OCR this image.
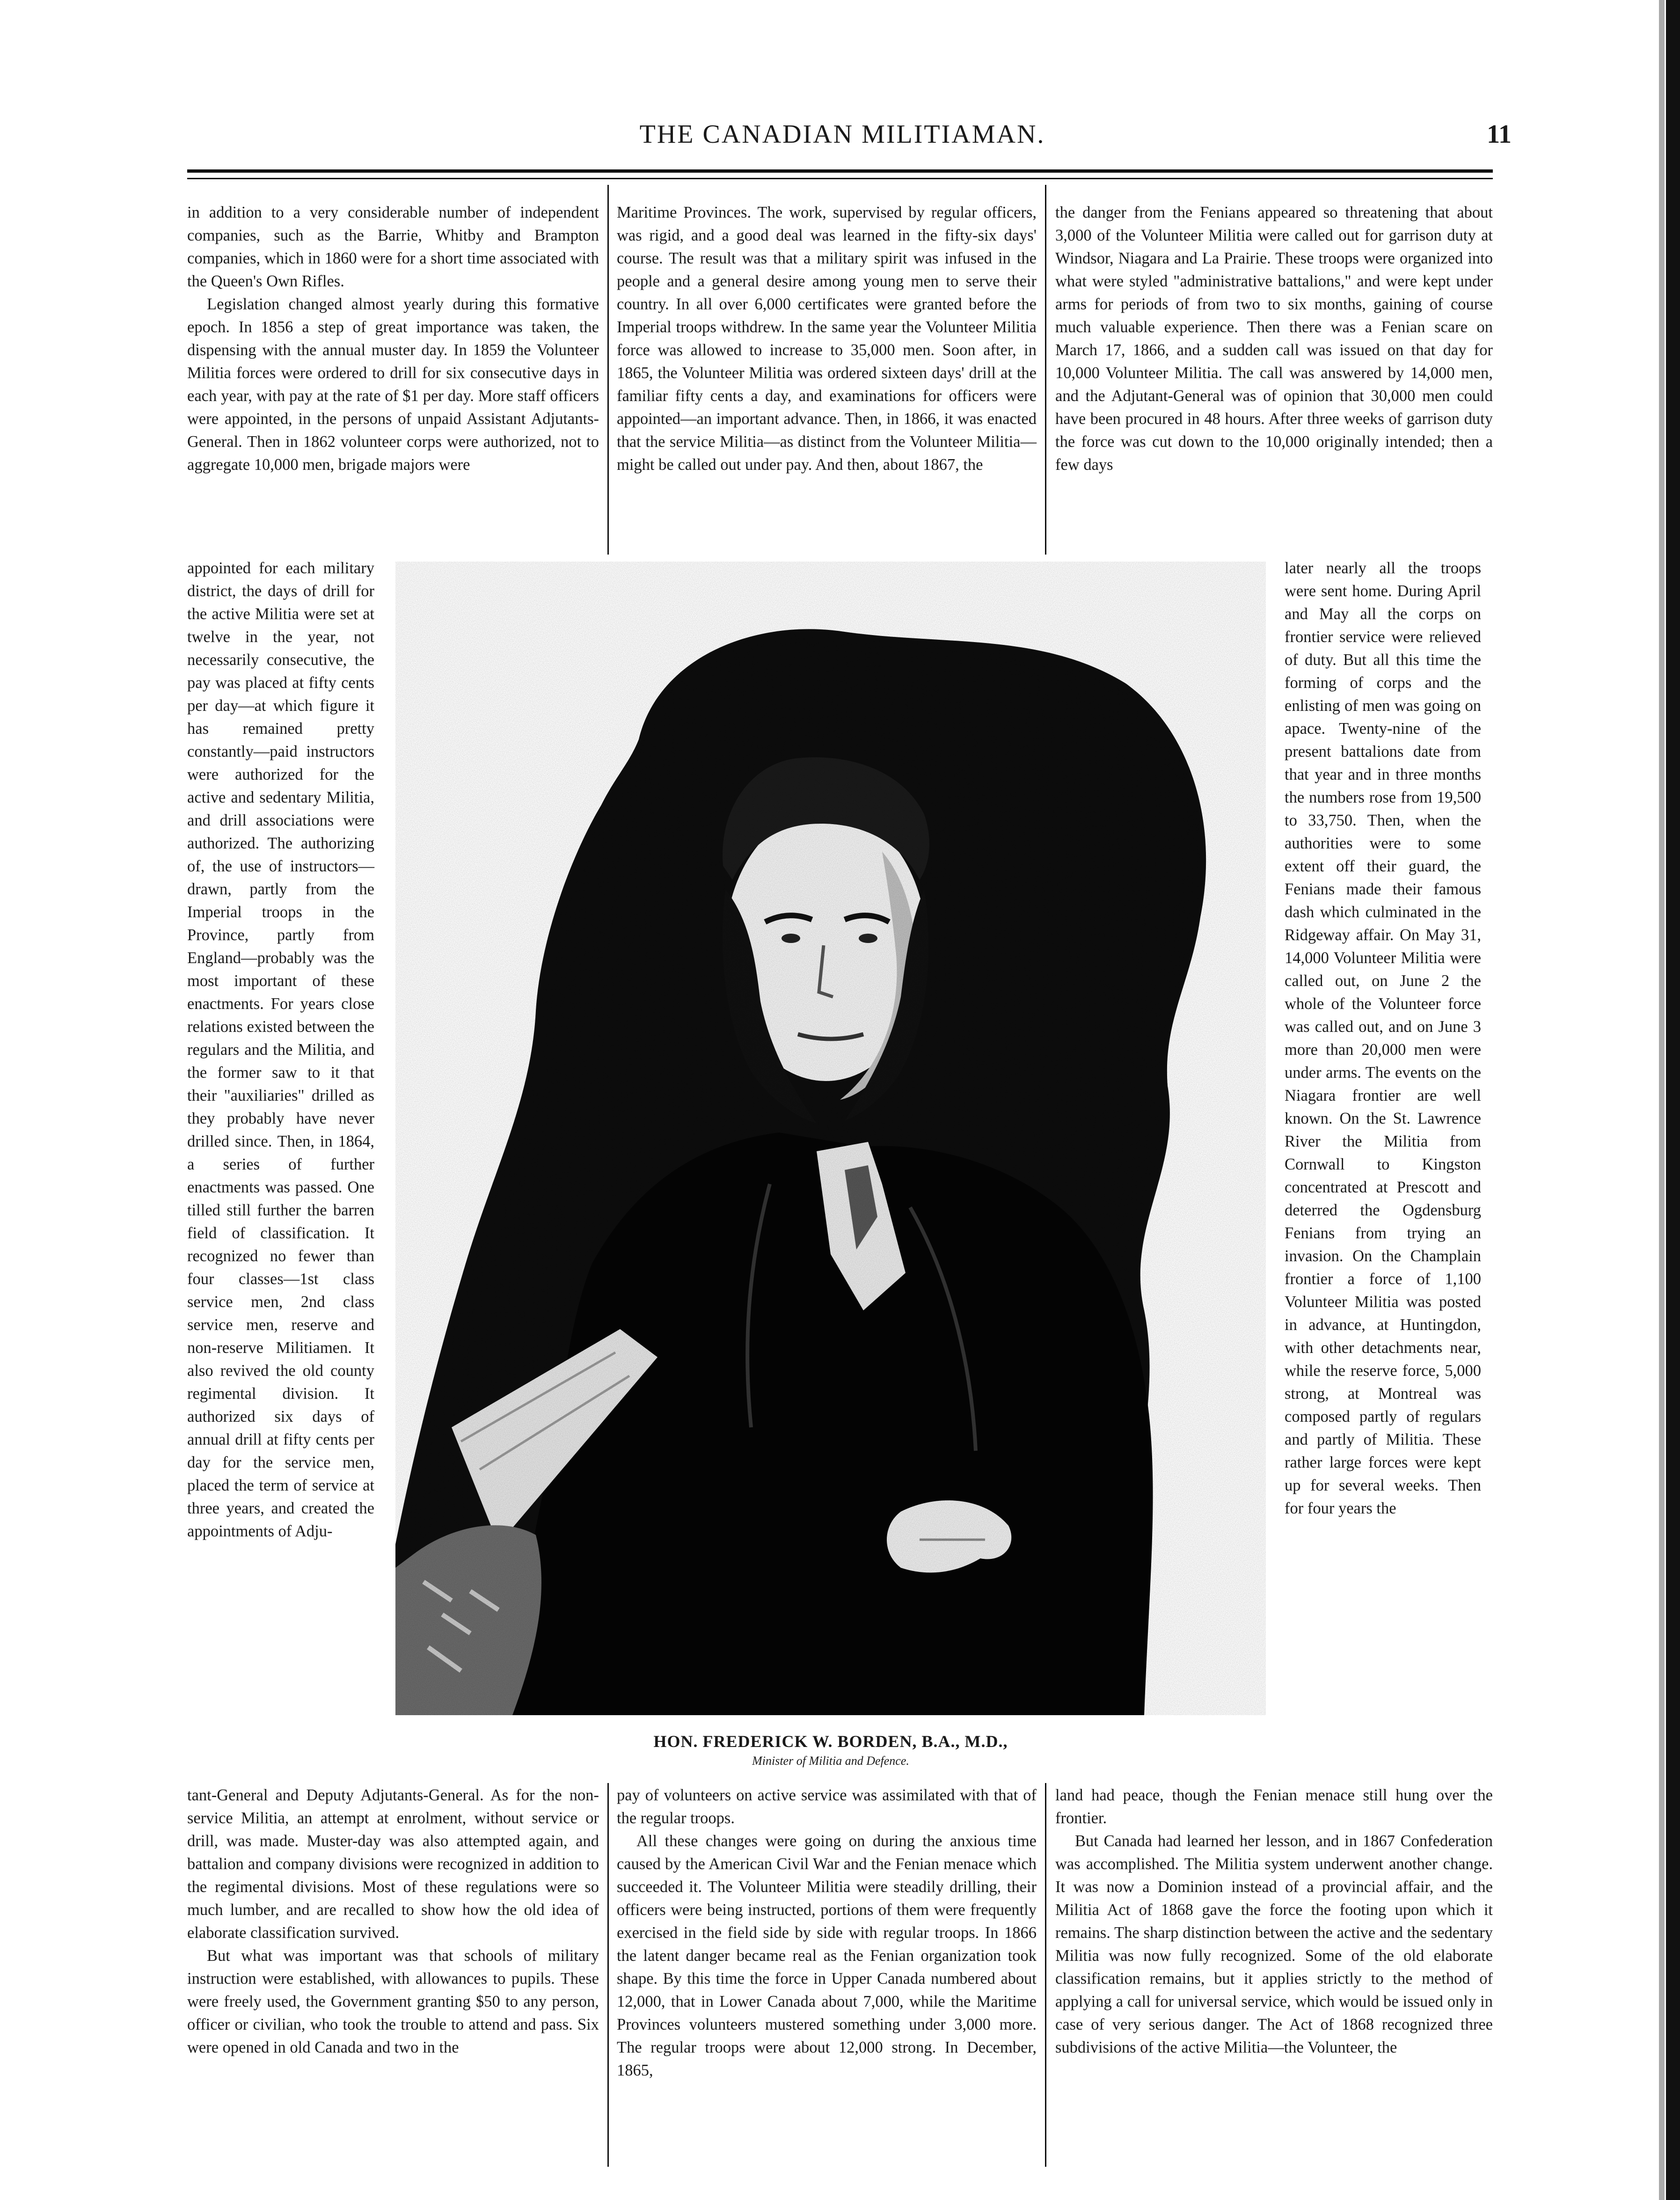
THE CANADIAN MILITIAMAN.	11

in addition to a very considerable number of independent companies, such as the Barrie, Whitby and Brampton companies, which in 1860 were for a short time associated with the Queen's Own Rifles.

Legislation changed almost yearly during this formative epoch. In 1856 a step of great importance was taken, the dispensing with the annual muster day. In 1859 the Volunteer Militia forces were ordered to drill for six consecutive days in each year, with pay at the rate of $1 per day. More staff officers were appointed, in the persons of unpaid Assistant Adjutants-General. Then in 1862 volunteer corps were authorized, not to aggregate 10,000 men, brigade majors were

appointed for each military district, the days of drill for the active Militia were set at twelve in the year, not necessarily consecutive, the pay was placed at fifty cents per day—at which figure it has remained pretty constantly—paid instructors were authorized for the active and sedentary Militia, and drill associations were authorized. The authorizing of, the use of instructors—drawn, partly from the Imperial troops in the Province, partly from England—probably was the most important of these enactments. For years close relations existed between the regulars and the Militia, and the former saw to it that their "auxiliaries" drilled as they probably have never drilled since. Then, in 1864, a series of further enactments was passed. One tilled still further the barren field of classification. It recognized no fewer than four classes—1st class service men, 2nd class service men, reserve and non-reserve Militiamen. It also revived the old county regimental division. It authorized six days of annual drill at fifty cents per day for the service men, placed the term of service at three years, and created the appointments of Adju-

tant-General and Deputy Adjutants-General. As for the non-service Militia, an attempt at enrolment, without service or drill, was made. Muster-day was also attempted again, and battalion and company divisions were recognized in addition to the regimental divisions. Most of these regulations were so much lumber, and are recalled to show how the old idea of elaborate classification survived.

But what was important was that schools of military instruction were established, with allowances to pupils. These were freely used, the Government granting $50 to any person, officer or civilian, who took the trouble to attend and pass. Six were opened in old Canada and two in the

Maritime Provinces. The work, supervised by regular officers, was rigid, and a good deal was learned in the fifty-six days' course. The result was that a military spirit was infused in the people and a general desire among young men to serve their country. In all over 6,000 certificates were granted before the Imperial troops withdrew. In the same year the Volunteer Militia force was allowed to increase to 35,000 men. Soon after, in 1865, the Volunteer Militia was ordered sixteen days' drill at the familiar fifty cents a day, and examinations for officers were appointed—an important advance. Then, in 1866, it was enacted that the service Militia—as distinct from the Volunteer Militia—might be called out under pay. And then, about 1867, the

pay of volunteers on active service was assimilated with that of the regular troops.

All these changes were going on during the anxious time caused by the American Civil War and the Fenian menace which succeeded it. The Volunteer Militia were steadily drilling, their officers were being instructed, portions of them were frequently exercised in the field side by side with regular troops. In 1866 the latent danger became real as the Fenian organization took shape. By this time the force in Upper Canada numbered about 12,000, that in Lower Canada about 7,000, while the Maritime Provinces volunteers mustered something under 3,000 more. The regular troops were about 12,000 strong. In December, 1865,

the danger from the Fenians appeared so threatening that about 3,000 of the Volunteer Militia were called out for garrison duty at Windsor, Niagara and La Prairie. These troops were organized into what were styled "administrative battalions," and were kept under arms for periods of from two to six months, gaining of course much valuable experience. Then there was a Fenian scare on March 17, 1866, and a sudden call was issued on that day for 10,000 Volunteer Militia. The call was answered by 14,000 men, and the Adjutant-General was of opinion that 30,000 men could have been procured in 48 hours. After three weeks of garrison duty the force was cut down to the 10,000 originally intended; then a few days

later nearly all the troops were sent home. During April and May all the corps on frontier service were relieved of duty. But all this time the forming of corps and the enlisting of men was going on apace. Twenty-nine of the present battalions date from that year and in three months the numbers rose from 19,500 to 33,750. Then, when the authorities were to some extent off their guard, the Fenians made their famous dash which culminated in the Ridgeway affair. On May 31, 14,000 Volunteer Militia were called out, on June 2 the whole of the Volunteer force was called out, and on June 3 more than 20,000 men were under arms. The events on the Niagara frontier are well known. On the St. Lawrence River the Militia from Cornwall to Kingston concentrated at Prescott and deterred the Ogdensburg Fenians from trying an invasion. On the Champlain frontier a force of 1,100 Volunteer Militia was posted in advance, at Huntingdon, with other detachments near, while the reserve force, 5,000 strong, at Montreal was composed partly of regulars and partly of Militia. These rather large forces were kept up for several weeks. Then for four years the

land had peace, though the Fenian menace still hung over the frontier.

But Canada had learned her lesson, and in 1867 Confederation was accomplished. The Militia system underwent another change. It was now a Dominion instead of a provincial affair, and the Militia Act of 1868 gave the force the footing upon which it remains. The sharp distinction between the active and the sedentary Militia was now fully recognized. Some of the old elaborate classification remains, but it applies strictly to the method of applying a call for universal service, which would be issued only in case of very serious danger. The Act of 1868 recognized three subdivisions of the active Militia—the Volunteer, the

HON. FREDERICK W. BORDEN, B.A., M.D.,
Minister of Militia and Defence.
